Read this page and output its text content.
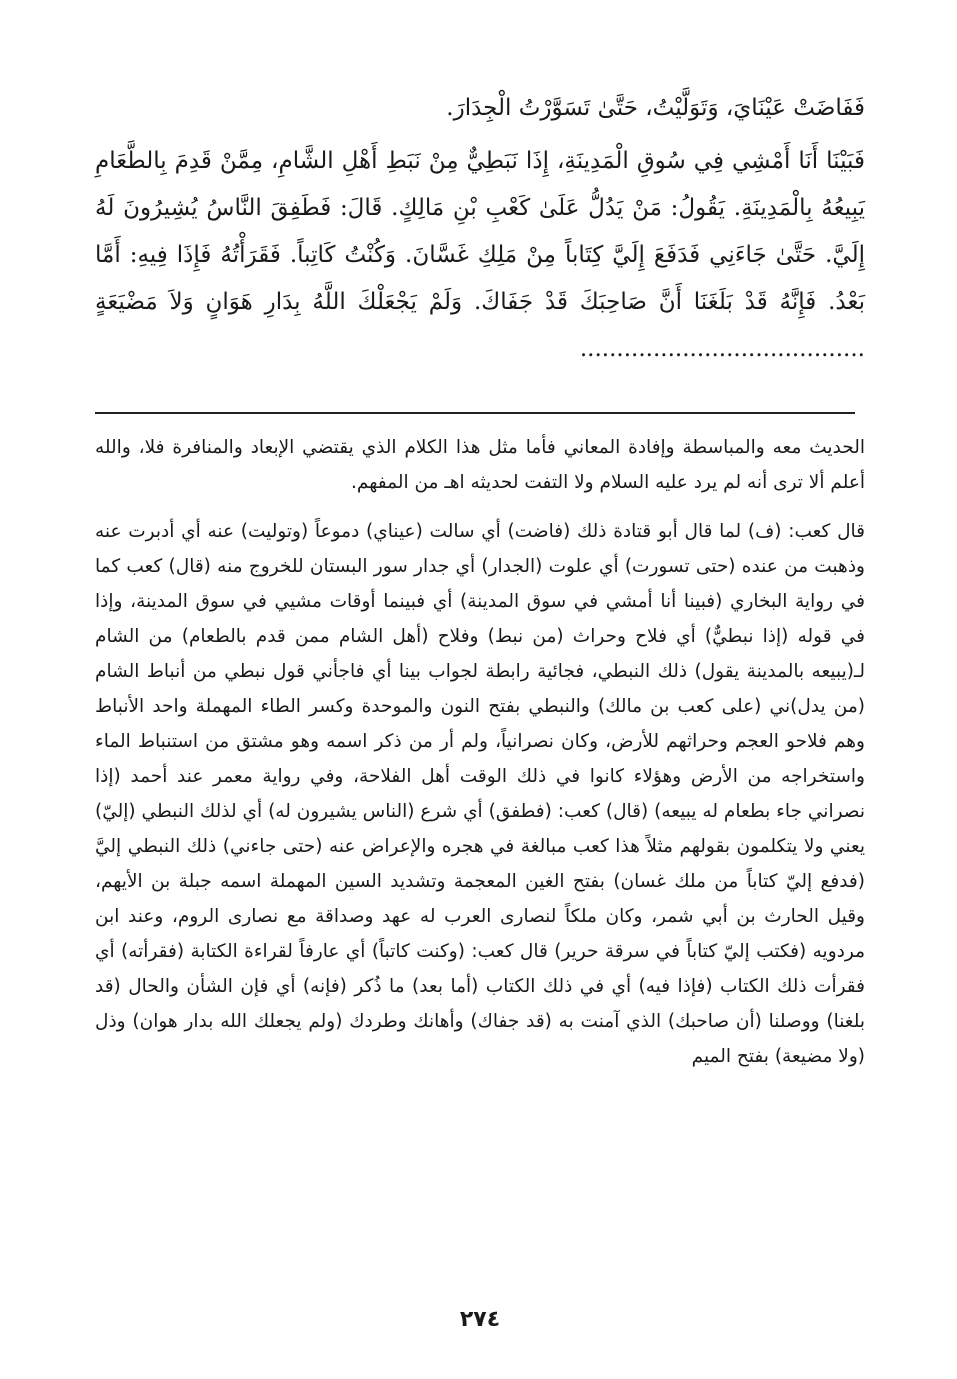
فَفَاضَتْ عَيْنَايَ، وَتَوَلَّيْتُ، حَتَّىٰ تَسَوَّرْتُ الْجِدَارَ.

فَبَيْنَا أَنَا أَمْشِي فِي سُوقِ الْمَدِينَةِ، إِذَا نَبَطِيٌّ مِنْ نَبَطِ أَهْلِ الشَّامِ، مِمَّنْ قَدِمَ بِالطَّعَامِ يَبِيعُهُ بِالْمَدِينَةِ. يَقُولُ: مَنْ يَدُلُّ عَلَىٰ كَعْبِ بْنِ مَالِكٍ. قَالَ: فَطَفِقَ النَّاسُ يُشِيرُونَ لَهُ إِلَيَّ. حَتَّىٰ جَاءَنِي فَدَفَعَ إِلَيَّ كِتَاباً مِنْ مَلِكِ غَسَّانَ. وَكُنْتُ كَاتِباً. فَقَرَأْتُهُ فَإِذَا فِيهِ: أَمَّا بَعْدُ. فَإِنَّهُ قَدْ بَلَغَنَا أَنَّ صَاحِبَكَ قَدْ جَفَاكَ. وَلَمْ يَجْعَلْكَ اللَّهُ بِدَارِ هَوَانٍ وَلاَ مَضْيَعَةٍ .......................................

الحديث معه والمباسطة وإفادة المعاني فأما مثل هذا الكلام الذي يقتضي الإبعاد والمنافرة فلا، والله أعلم ألا ترى أنه لم يرد عليه السلام ولا التفت لحديثه اهـ من المفهم.

قال كعب: (ف) لما قال أبو قتادة ذلك (فاضت) أي سالت (عيناي) دموعاً (وتوليت) عنه أي أدبرت عنه وذهبت من عنده (حتى تسورت) أي علوت (الجدار) أي جدار سور البستان للخروج منه (قال) كعب كما في رواية البخاري (فبينا أنا أمشي في سوق المدينة) أي فبينما أوقات مشيي في سوق المدينة، وإذا في قوله (إذا نبطيٌّ) أي فلاح وحراث (من نبط) وفلاح (أهل الشام ممن قدم بالطعام) من الشام لـ(يبيعه بالمدينة يقول) ذلك النبطي، فجائية رابطة لجواب بينا أي فاجأني قول نبطي من أنباط الشام (من يدل)ني (على كعب بن مالك) والنبطي بفتح النون والموحدة وكسر الطاء المهملة واحد الأنباط وهم فلاحو العجم وحراثهم للأرض، وكان نصرانياً، ولم أر من ذكر اسمه وهو مشتق من استنباط الماء واستخراجه من الأرض وهؤلاء كانوا في ذلك الوقت أهل الفلاحة، وفي رواية معمر عند أحمد (إذا نصراني جاء بطعام له يبيعه) (قال) كعب: (فطفق) أي شرع (الناس يشيرون له) أي لذلك النبطي (إليّ) يعني ولا يتكلمون بقولهم مثلاً هذا كعب مبالغة في هجره والإعراض عنه (حتى جاءني) ذلك النبطي إليَّ (فدفع إليّ كتاباً من ملك غسان) بفتح الغين المعجمة وتشديد السين المهملة اسمه جبلة بن الأيهم، وقيل الحارث بن أبي شمر، وكان ملكاً لنصارى العرب له عهد وصداقة مع نصارى الروم، وعند ابن مردويه (فكتب إليّ كتاباً في سرقة حرير) قال كعب: (وكنت كاتباً) أي عارفاً لقراءة الكتابة (فقرأته) أي فقرأت ذلك الكتاب (فإذا فيه) أي في ذلك الكتاب (أما بعد) ما ذُكر (فإنه) أي فإن الشأن والحال (قد بلغنا) ووصلنا (أن صاحبك) الذي آمنت به (قد جفاك) وأهانك وطردك (ولم يجعلك الله بدار هوان) وذل (ولا مضيعة) بفتح الميم

٢٧٤
